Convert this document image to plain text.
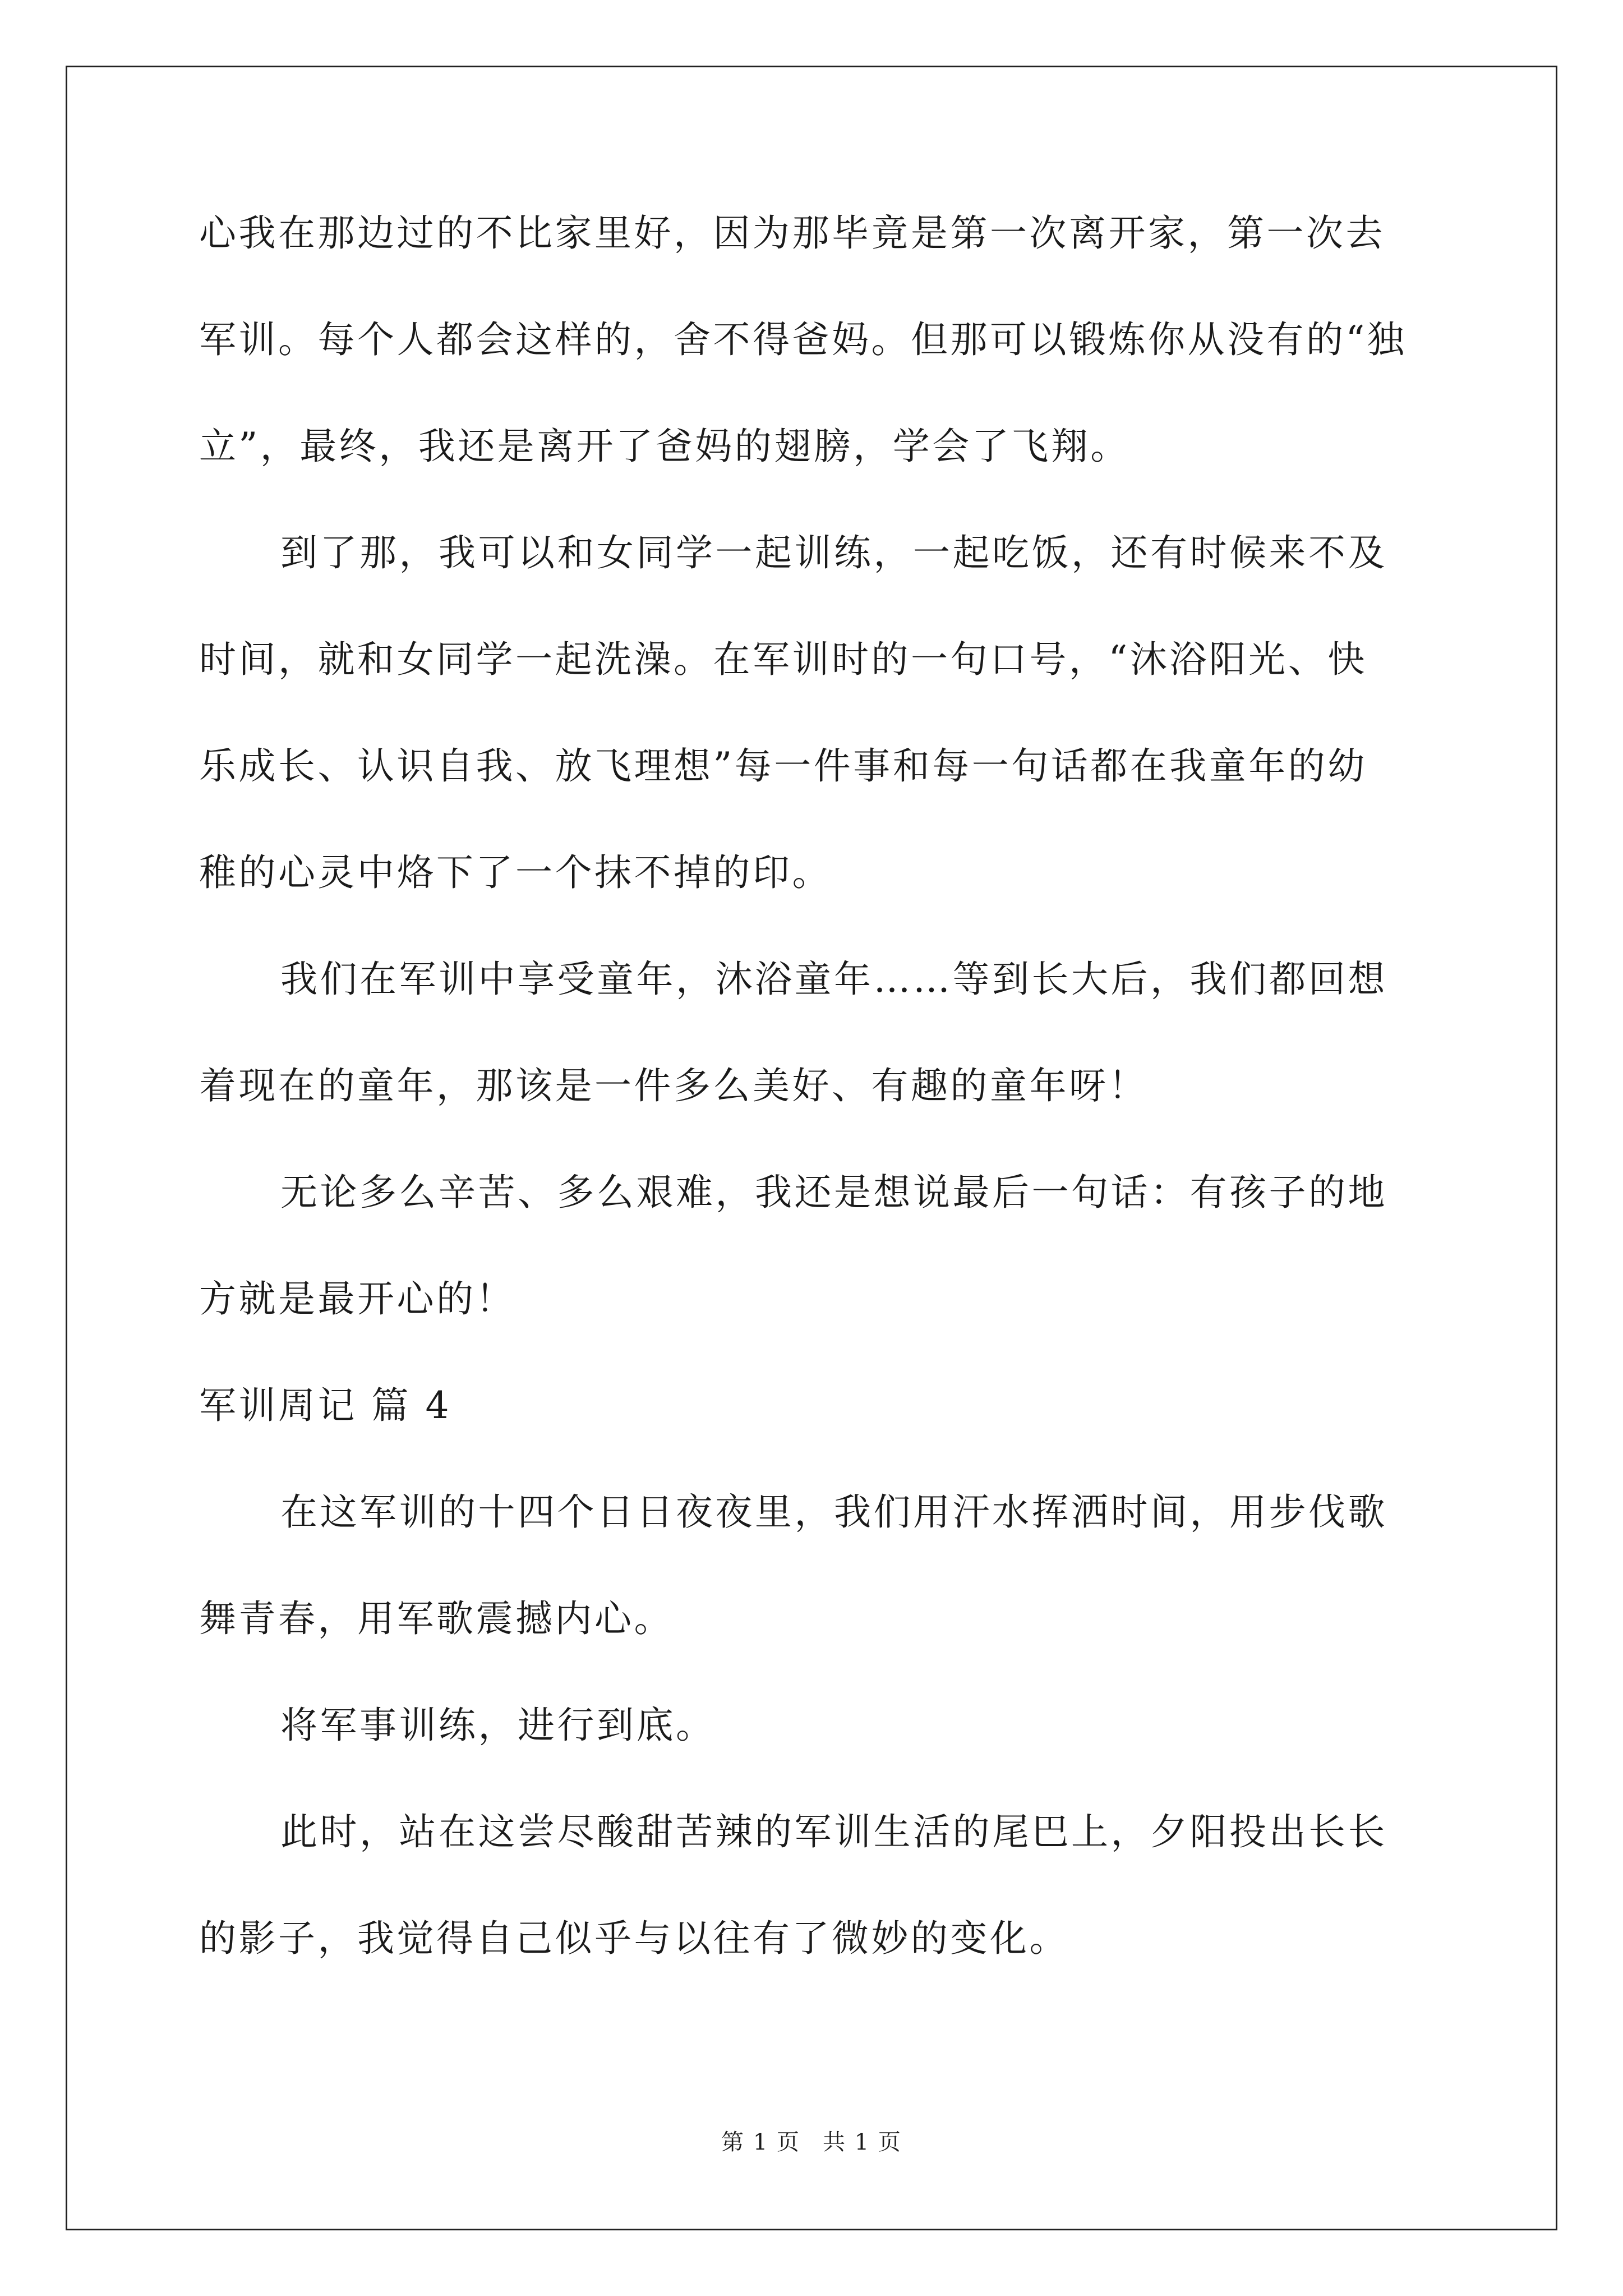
心我在那边过的不比家里好，因为那毕竟是第一次离开家，第一次去
军训。每个人都会这样的，舍不得爸妈。但那可以锻炼你从没有的“独
立”，最终，我还是离开了爸妈的翅膀，学会了飞翔。
到了那，我可以和女同学一起训练，一起吃饭，还有时候来不及
时间，就和女同学一起洗澡。在军训时的一句口号，“沐浴阳光、快
乐成长、认识自我、放飞理想”每一件事和每一句话都在我童年的幼
稚的心灵中烙下了一个抹不掉的印。
我们在军训中享受童年，沐浴童年……等到长大后，我们都回想
着现在的童年，那该是一件多么美好、有趣的童年呀！
无论多么辛苦、多么艰难，我还是想说最后一句话：有孩子的地
方就是最开心的！
军训周记 篇 4
在这军训的十四个日日夜夜里，我们用汗水挥洒时间，用步伐歌
舞青春，用军歌震撼内心。
将军事训练，进行到底。
此时，站在这尝尽酸甜苦辣的军训生活的尾巴上，夕阳投出长长
的影子，我觉得自己似乎与以往有了微妙的变化。
第 1 页 共 1 页
